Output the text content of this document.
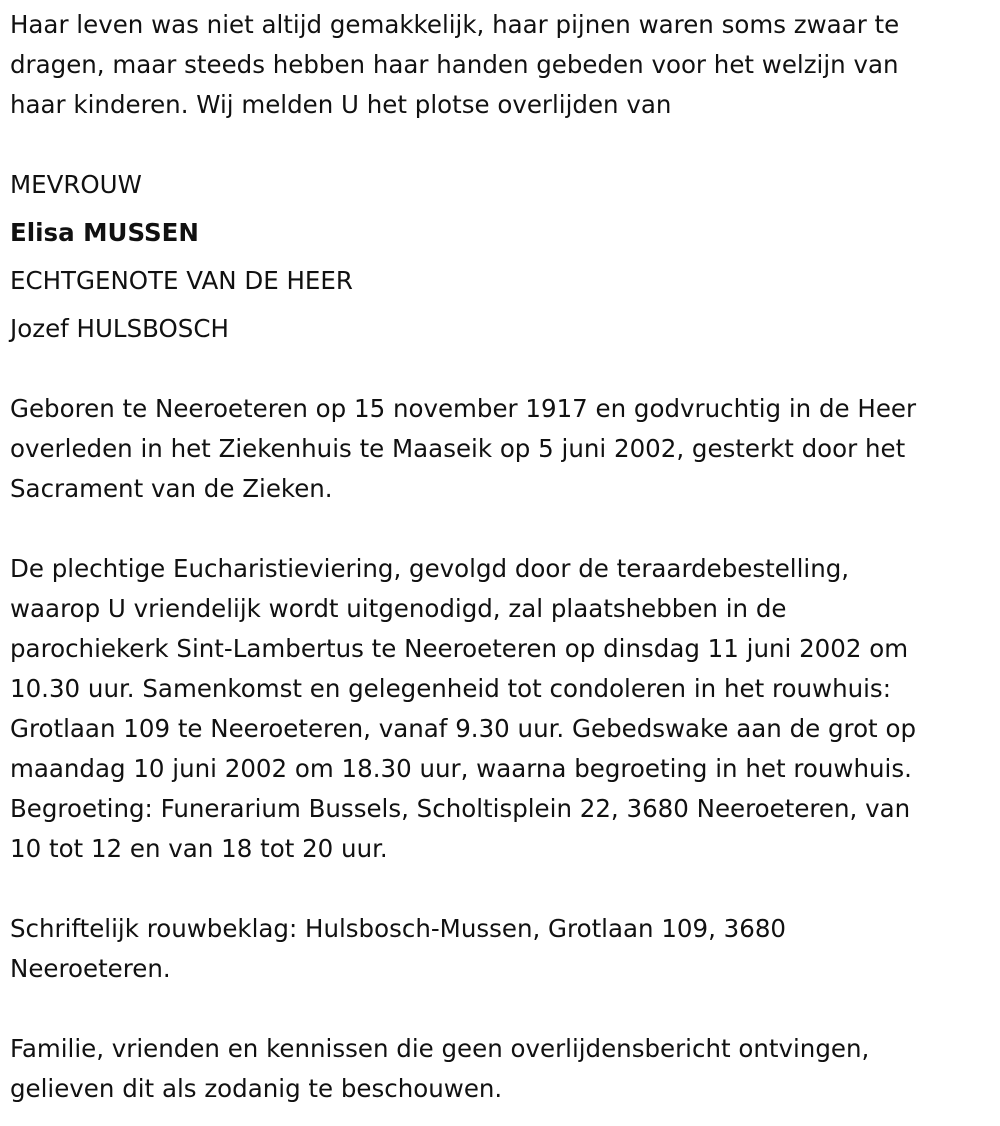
Haar leven was niet altijd gemakkelijk, haar pijnen waren soms zwaar te
dragen, maar steeds hebben haar handen gebeden voor het welzijn van
haar kinderen. Wij melden U het plotse overlijden van

MEVROUW
Elisa MUSSEN
ECHTGENOTE VAN DE HEER
Jozef HULSBOSCH

Geboren te Neeroeteren op 15 november 1917 en godvruchtig in de Heer
overleden in het Ziekenhuis te Maaseik op 5 juni 2002, gesterkt door het
Sacrament van de Zieken.

De plechtige Eucharistieviering, gevolgd door de teraardebestelling,
waarop U vriendelijk wordt uitgenodigd, zal plaatshebben in de
parochiekerk Sint-Lambertus te Neeroeteren op dinsdag 11 juni 2002 om
10.30 uur. Samenkomst en gelegenheid tot condoleren in het rouwhuis:
Grotlaan 109 te Neeroeteren, vanaf 9.30 uur. Gebedswake aan de grot op
maandag 10 juni 2002 om 18.30 uur, waarna begroeting in het rouwhuis.
Begroeting: Funerarium Bussels, Scholtisplein 22, 3680 Neeroeteren, van
10 tot 12 en van 18 tot 20 uur.

Schriftelijk rouwbeklag: Hulsbosch-Mussen, Grotlaan 109, 3680
Neeroeteren.

Familie, vrienden en kennissen die geen overlijdensbericht ontvingen,
gelieven dit als zodanig te beschouwen.
